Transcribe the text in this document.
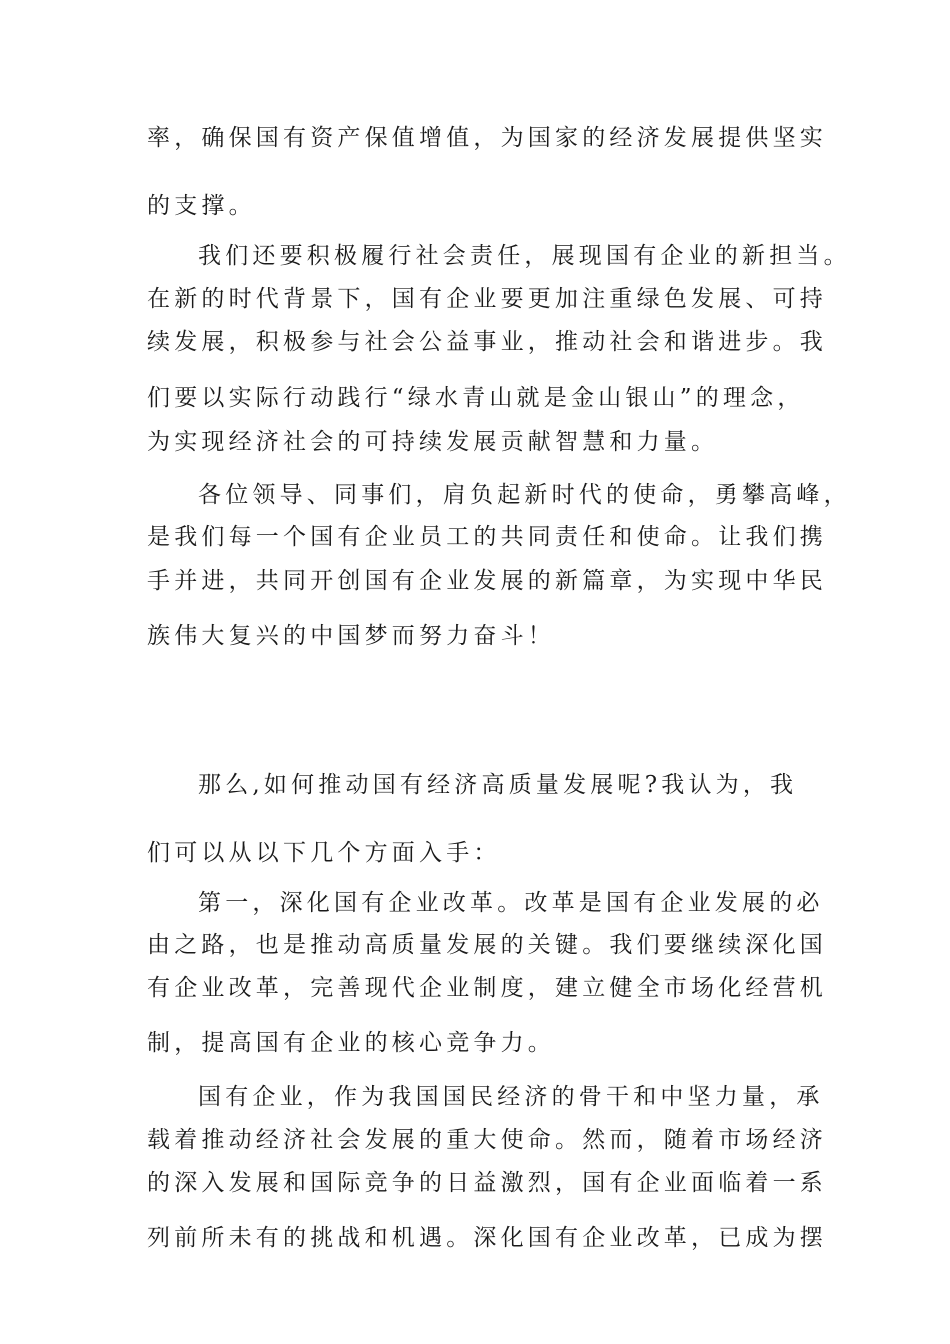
率，确保国有资产保值增值，为国家的经济发展提供坚实
的支撑。
我们还要积极履行社会责任，展现国有企业的新担当。
在新的时代背景下，国有企业要更加注重绿色发展、可持
续发展，积极参与社会公益事业，推动社会和谐进步。我
们要以实际行动践行“绿水青山就是金山银山”的理念，
为实现经济社会的可持续发展贡献智慧和力量。
各位领导、同事们，肩负起新时代的使命，勇攀高峰，
是我们每一个国有企业员工的共同责任和使命。让我们携
手并进，共同开创国有企业发展的新篇章，为实现中华民
族伟大复兴的中国梦而努力奋斗！
那么,如何推动国有经济高质量发展呢?我认为，我
们可以从以下几个方面入手：
第一，深化国有企业改革。改革是国有企业发展的必
由之路，也是推动高质量发展的关键。我们要继续深化国
有企业改革，完善现代企业制度，建立健全市场化经营机
制，提高国有企业的核心竞争力。
国有企业，作为我国国民经济的骨干和中坚力量，承
载着推动经济社会发展的重大使命。然而，随着市场经济
的深入发展和国际竞争的日益激烈，国有企业面临着一系
列前所未有的挑战和机遇。深化国有企业改革，已成为摆
